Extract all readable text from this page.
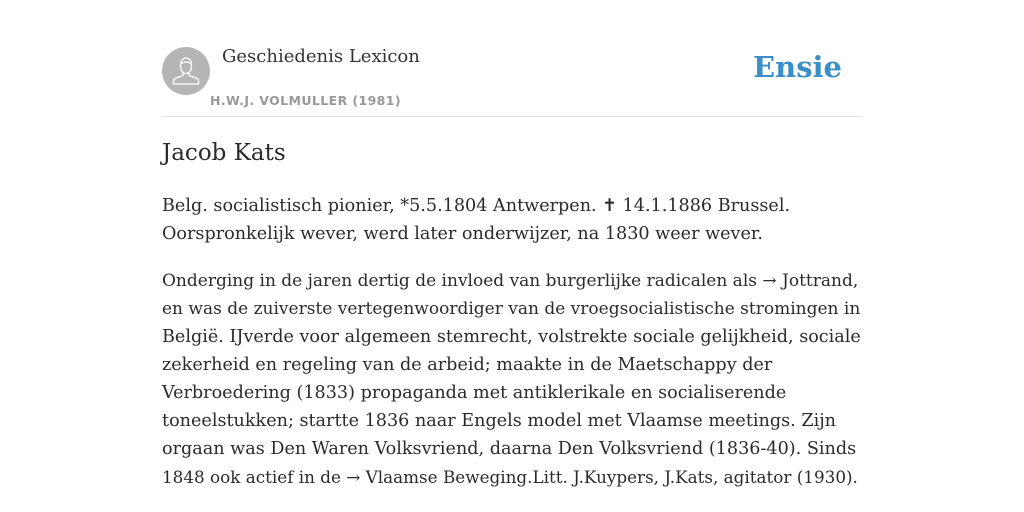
Geschiedenis Lexicon
H.W.J. VOLMULLER (1981)
Ensie
Jacob Kats

Belg. socialistisch pionier, *5.5.1804 Antwerpen. ✝ 14.1.1886 Brussel.
Oorspronkelijk wever, werd later onderwijzer, na 1830 weer wever.

Onderging in de jaren dertig de invloed van burgerlijke radicalen als → Jottrand,
en was de zuiverste vertegenwoordiger van de vroegsocialistische stromingen in
België. IJverde voor algemeen stemrecht, volstrekte sociale gelijkheid, sociale
zekerheid en regeling van de arbeid; maakte in de Maetschappy der
Verbroedering (1833) propaganda met antiklerikale en socialiserende
toneelstukken; startte 1836 naar Engels model met Vlaamse meetings. Zijn
orgaan was Den Waren Volksvriend, daarna Den Volksvriend (1836-40). Sinds
1848 ook actief in de → Vlaamse Beweging.Litt. J.Kuypers, J.Kats, agitator (1930).
